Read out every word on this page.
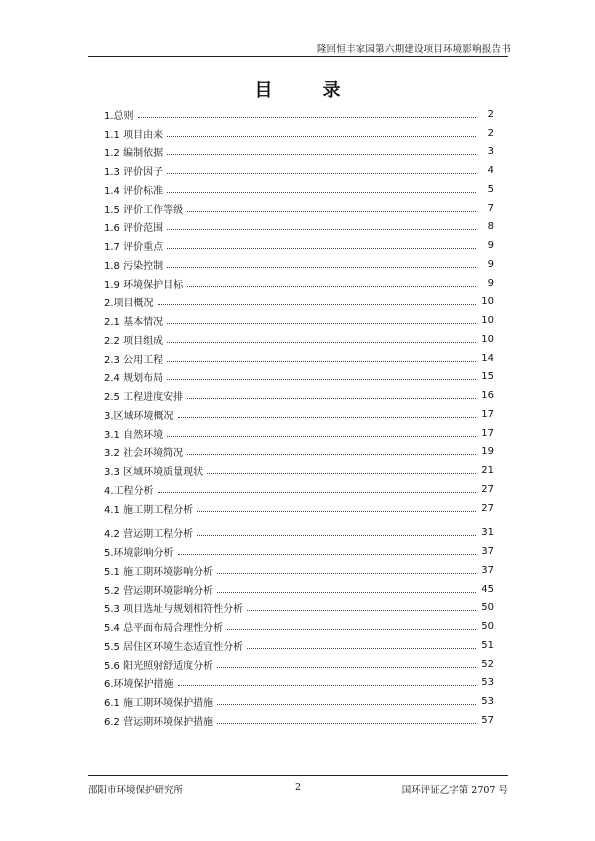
隆回恒丰家园第六期建设项目环境影响报告书
目录
1.总则	2
1.1 项目由来	2
1.2 编制依据	3
1.3 评价因子	4
1.4 评价标准	5
1.5 评价工作等级	7
1.6 评价范围	8
1.7 评价重点	9
1.8 污染控制	9
1.9 环境保护目标	9
2.项目概况	10
2.1 基本情况	10
2.2 项目组成	10
2.3 公用工程	14
2.4 规划布局	15
2.5 工程进度安排	16
3.区域环境概况	17
3.1 自然环境	17
3.2 社会环境简况	19
3.3 区域环境质量现状	21
4.工程分析	27
4.1 施工期工程分析	27
4.2 营运期工程分析	31
5.环境影响分析	37
5.1 施工期环境影响分析	37
5.2 营运期环境影响分析	45
5.3 项目选址与规划相符性分析	50
5.4 总平面布局合理性分析	50
5.5 居住区环境生态适宜性分析	51
5.6 阳光照射舒适度分析	52
6.环境保护措施	53
6.1 施工期环境保护措施	53
6.2 营运期环境保护措施	57
邵阳市环境保护研究所	2	国环评证乙字第 2707 号
